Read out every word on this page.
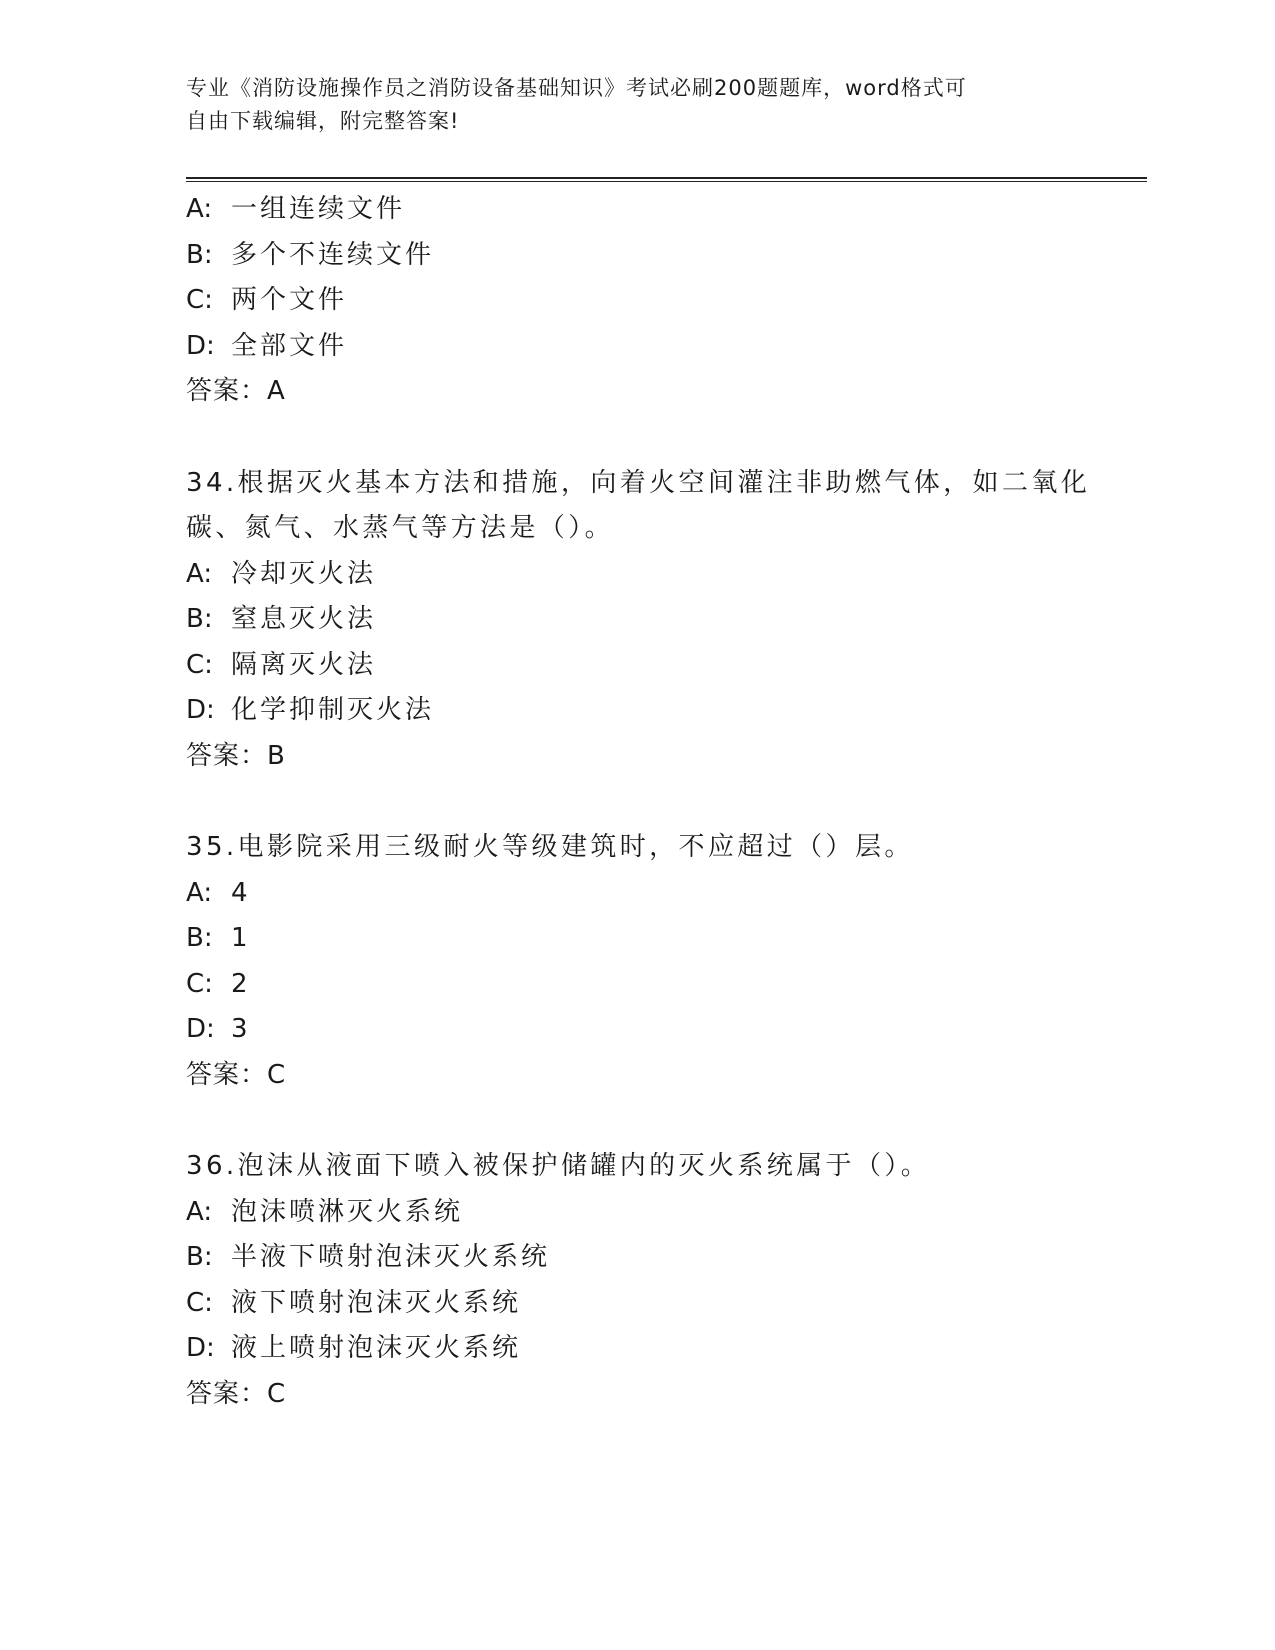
专业《消防设施操作员之消防设备基础知识》考试必刷200题题库，word格式可
自由下载编辑，附完整答案!
A: 一组连续文件
B: 多个不连续文件
C: 两个文件
D: 全部文件
答案：A
34.根据灭火基本方法和措施，向着火空间灌注非助燃气体，如二氧化
碳、氮气、水蒸气等方法是（）。
A: 冷却灭火法
B: 窒息灭火法
C: 隔离灭火法
D: 化学抑制灭火法
答案：B
35.电影院采用三级耐火等级建筑时，不应超过（）层。
A: 4
B: 1
C: 2
D: 3
答案：C
36.泡沫从液面下喷入被保护储罐内的灭火系统属于（）。
A: 泡沫喷淋灭火系统
B: 半液下喷射泡沫灭火系统
C: 液下喷射泡沫灭火系统
D: 液上喷射泡沫灭火系统
答案：C
